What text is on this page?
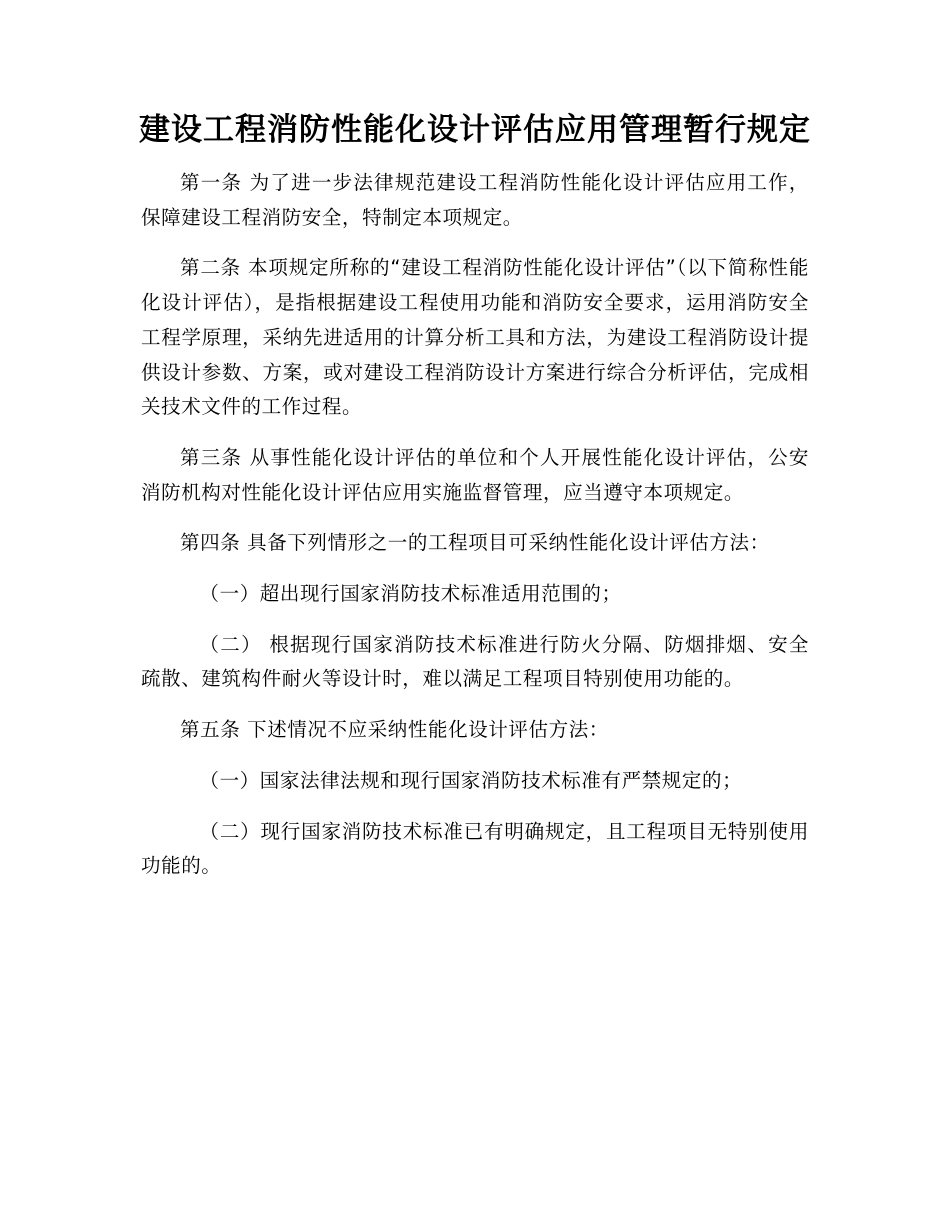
建设工程消防性能化设计评估应用管理暂行规定

第一条 为了进一步法律规范建设工程消防性能化设计评估应用工作，保障建设工程消防安全，特制定本项规定。

第二条 本项规定所称的“建设工程消防性能化设计评估”（以下简称性能化设计评估），是指根据建设工程使用功能和消防安全要求，运用消防安全工程学原理，采纳先进适用的计算分析工具和方法，为建设工程消防设计提供设计参数、方案，或对建设工程消防设计方案进行综合分析评估，完成相关技术文件的工作过程。

第三条 从事性能化设计评估的单位和个人开展性能化设计评估，公安消防机构对性能化设计评估应用实施监督管理，应当遵守本项规定。

第四条 具备下列情形之一的工程项目可采纳性能化设计评估方法：

（一）超出现行国家消防技术标准适用范围的；

（二） 根据现行国家消防技术标准进行防火分隔、防烟排烟、安全疏散、建筑构件耐火等设计时，难以满足工程项目特别使用功能的。

第五条 下述情况不应采纳性能化设计评估方法：

（一）国家法律法规和现行国家消防技术标准有严禁规定的；

（二）现行国家消防技术标准已有明确规定，且工程项目无特别使用功能的。
